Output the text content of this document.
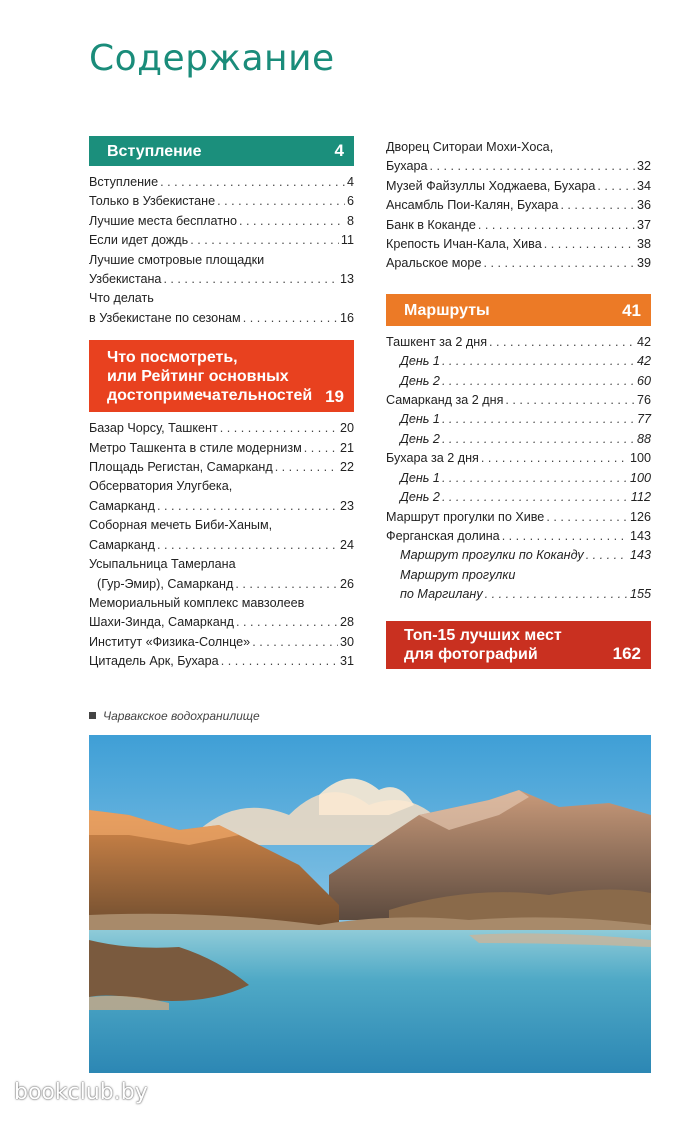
Содержание
Вступление	4
Вступление . . .	4
Только в Узбекистане . . .	6
Лучшие места бесплатно . . .	8
Если идет дождь . . .	11
Лучшие смотровые площадки
Узбекистана . . .	13
Что делать
в Узбекистане по сезонам . . .	16
Что посмотреть,
или Рейтинг основных
достопримечательностей 19
Базар Чорсу, Ташкент . . .	20
Метро Ташкента в стиле модернизм . . .	21
Площадь Регистан, Самарканд . . .	22
Обсерватория Улугбека,
Самарканд . . .	23
Соборная мечеть Биби-Ханым,
Самарканд . . .	24
Усыпальница Тамерлана
(Гур-Эмир), Самарканд . . .	26
Мемориальный комплекс мавзолеев
Шахи-Зинда, Самарканд . . .	28
Институт «Физика-Солнце» . . .	30
Цитадель Арк, Бухара . . .	31
Дворец Ситораи Мохи-Хоса,
Бухара . . .	32
Музей Файзуллы Ходжаева, Бухара . . .	34
Ансамбль Пои-Калян, Бухара . . .	36
Банк в Коканде . . .	37
Крепость Ичан-Кала, Хива . . .	38
Аральское море . . .	39
Маршруты	41
Ташкент за 2 дня . . .	42
День 1 . . .	42
День 2 . . .	60
Самарканд за 2 дня . . .	76
День 1 . . .	77
День 2 . . .	88
Бухара за 2 дня . . .	100
День 1 . . .	100
День 2 . . .	112
Маршрут прогулки по Хиве . . .	126
Ферганская долина . . .	143
Маршрут прогулки по Коканду . . .	143
Маршрут прогулки
по Маргилану . . .	155
Топ-15 лучших мест
для фотографий	162
Чарвакское водохранилище
bookclub.by
